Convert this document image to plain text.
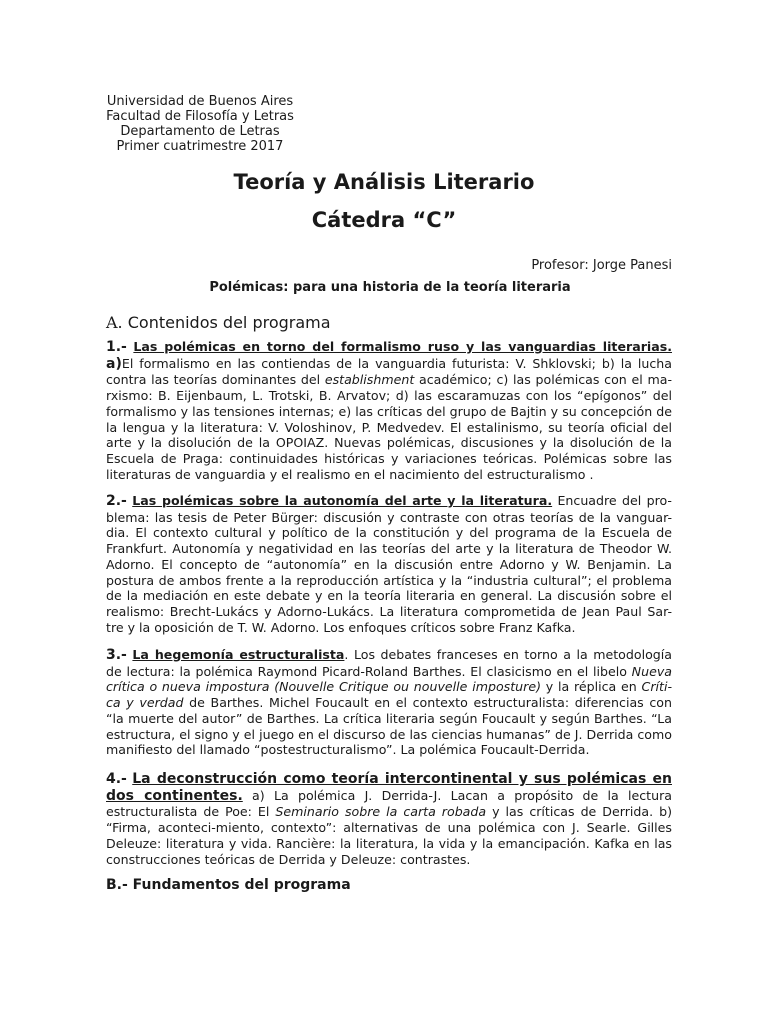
Universidad de Buenos Aires
Facultad de Filosofía y Letras
Departamento de Letras
Primer cuatrimestre 2017
Teoría y Análisis Literario
Cátedra “C”
Profesor: Jorge Panesi
Polémicas: para una historia de la teoría literaria
A. Contenidos del programa
1.- Las polémicas en torno del formalismo ruso y las vanguardias literarias. a)El formalismo en las contiendas de la vanguardia futurista: V. Shklovski; b) la lucha contra las teorías dominantes del establishment académico; c) las polémicas con el ma-rxismo: B. Eijenbaum, L. Trotski, B. Arvatov; d) las escaramuzas con los “epígonos” del formalismo y las tensiones internas; e) las críticas del grupo de Bajtin y su concepción de la lengua y la literatura: V. Voloshinov, P. Medvedev. El estalinismo, su teoría oficial del arte y la disolución de la OPOIAZ. Nuevas polémicas, discusiones y la disolución de la Escuela de Praga: continuidades históricas y variaciones teóricas. Polémicas sobre las literaturas de vanguardia y el realismo en el nacimiento del estructuralismo .
2.- Las polémicas sobre la autonomía del arte y la literatura. Encuadre del pro-blema: las tesis de Peter Bürger: discusión y contraste con otras teorías de la vanguar-dia. El contexto cultural y político de la constitución y del programa de la Escuela de Frankfurt. Autonomía y negatividad en las teorías del arte y la literatura de Theodor W. Adorno. El concepto de “autonomía” en la discusión entre Adorno y W. Benjamin. La postura de ambos frente a la reproducción artística y la “industria cultural”; el problema de la mediación en este debate y en la teoría literaria en general. La discusión sobre el realismo: Brecht-Lukács y Adorno-Lukács. La literatura comprometida de Jean Paul Sar-tre y la oposición de T. W. Adorno. Los enfoques críticos sobre Franz Kafka.
3.- La hegemonía estructuralista. Los debates franceses en torno a la metodología de lectura: la polémica Raymond Picard-Roland Barthes. El clasicismo en el libelo Nueva crítica o nueva impostura (Nouvelle Critique ou nouvelle imposture) y la réplica en Críti-ca y verdad de Barthes. Michel Foucault en el contexto estructuralista: diferencias con “la muerte del autor” de Barthes. La crítica literaria según Foucault y según Barthes. “La estructura, el signo y el juego en el discurso de las ciencias humanas” de J. Derrida como manifiesto del llamado “postestructuralismo”. La polémica Foucault-Derrida.
4.- La deconstrucción como teoría intercontinental y sus polémicas en dos continentes. a) La polémica J. Derrida-J. Lacan a propósito de la lectura estructuralista de Poe: El Seminario sobre la carta robada y las críticas de Derrida. b) “Firma, aconteci-miento, contexto”: alternativas de una polémica con J. Searle. Gilles Deleuze: literatura y vida. Rancière: la literatura, la vida y la emancipación. Kafka en las construcciones teóricas de Derrida y Deleuze: contrastes.
B.- Fundamentos del programa
